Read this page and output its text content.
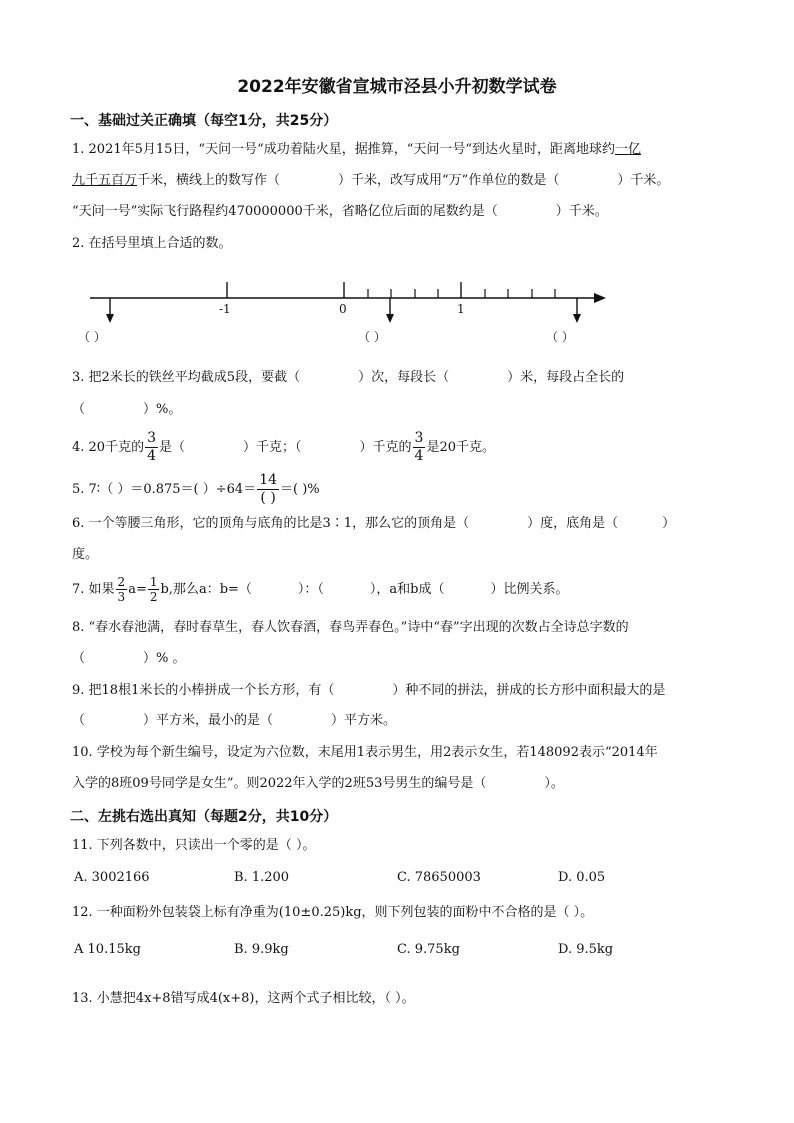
2022年安徽省宣城市泾县小升初数学试卷
一、基础过关正确填（每空1分，共25分）
1. 2021年5月15日，“天问一号“成功着陆火星，据推算，“天问一号“到达火星时，距离地球约一亿
九千五百万千米，横线上的数写作（	）千米，改写成用“万”作单位的数是（	）千米。
“天问一号”实际飞行路程约470000000千米，省略亿位后面的尾数约是（	）千米。
2. 在括号里填上合适的数。
-1	0	1
（ ）	（ ）	（ ）
3. 把2米长的铁丝平均截成5段，要截（	）次，每段长（	）米，每段占全长的
（	）%。
4. 20千克的 $\frac{3}{4}$ 是（	）千克；（	）千克的 $\frac{3}{4}$ 是20千克。
5. 7∶（ ）＝0.875＝( ）$\div 64= \frac{14}{( )}$ ＝( )%
6. 一个等腰三角形，它的顶角与底角的比是3∶1，那么它的顶角是（	）度，底角是（	）
度。
7. 如果 $\frac{2}{3} a= \frac{1}{2} b$,那么a：b=（	）：（	），a和b成（	）比例关系。
8. “春水春池满，春时春草生，春人饮春酒，春鸟弄春色。”诗中“春”字出现的次数占全诗总字数的
（	）% 。
9. 把18根1米长的小棒拼成一个长方形，有（	）种不同的拼法，拼成的长方形中面积最大的是
（	）平方米，最小的是（	）平方米。
10. 学校为每个新生编号，设定为六位数，末尾用1表示男生，用2表示女生，若148092表示“2014年
入学的8班09号同学是女生”。则2022年入学的2班53号男生的编号是（	）。
二、左挑右选出真知（每题2分，共10分）
11. 下列各数中，只读出一个零的是（ ）。
A. 3002166	B. 1.200	C. 78650003	D. 0.05
12. 一种面粉外包装袋上标有净重为(10±0.25)kg，则下列包装的面粉中不合格的是（ ）。
A 10.15kg	B. 9.9kg	C. 9.75kg	D. 9.5kg
13. 小慧把4x+8错写成4(x+8)，这两个式子相比较，（ ）。
